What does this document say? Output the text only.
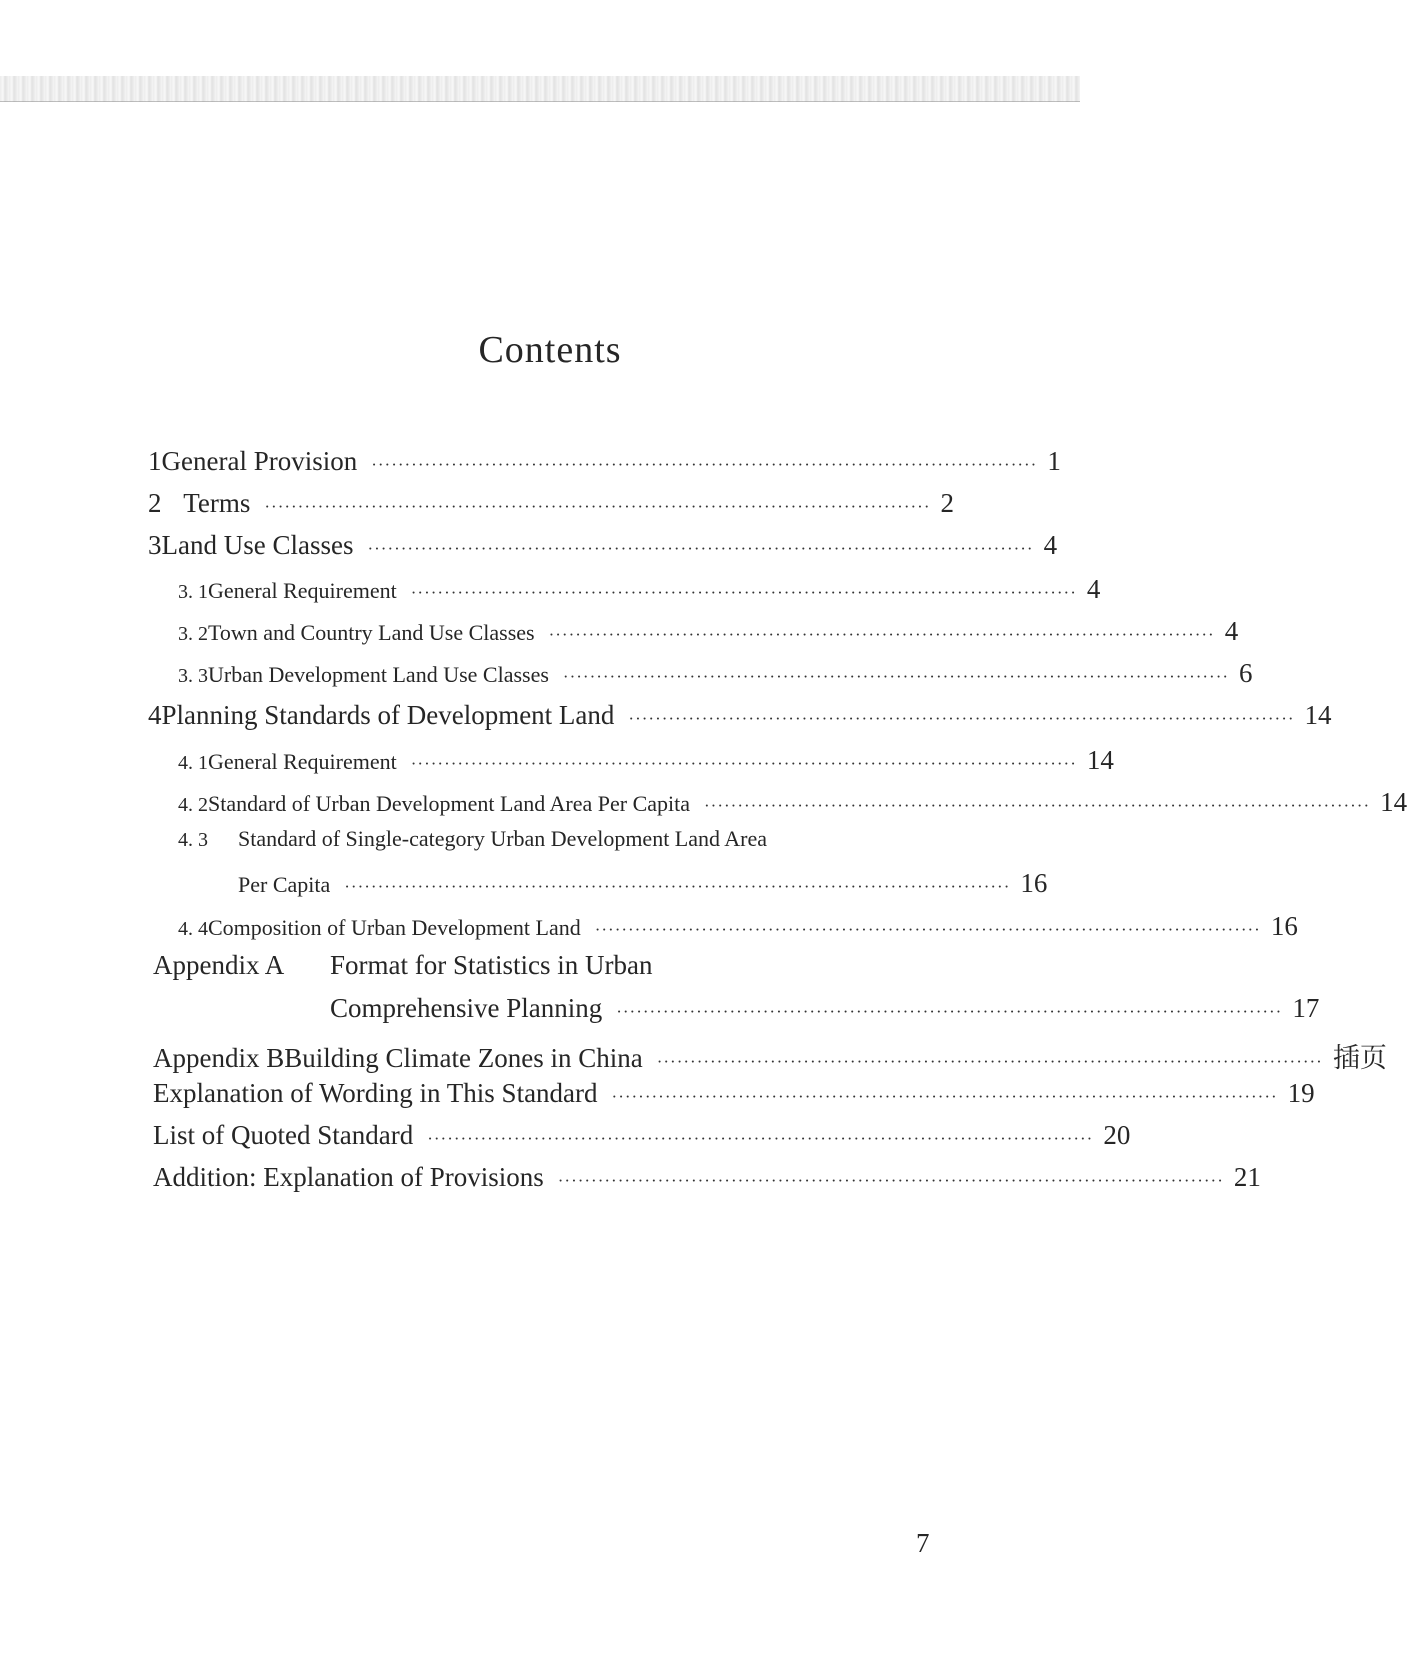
Contents
1 General Provision ···································································································· 1
2 Terms ···································································································· 2
3 Land Use Classes ···································································································· 4
3. 1 General Requirement ···································································································· 4
3. 2 Town and Country Land Use Classes ···································································································· 4
3. 3 Urban Development Land Use Classes ···································································································· 6
4 Planning Standards of Development Land ···································································································· 14
4. 1 General Requirement ···································································································· 14
4. 2 Standard of Urban Development Land Area Per Capita ···································································································· 14
4. 3 Standard of Single-category Urban Development Land Area
Per Capita ···································································································· 16
4. 4 Composition of Urban Development Land ···································································································· 16
Appendix A Format for Statistics in Urban
Comprehensive Planning ···································································································· 17
Appendix B Building Climate Zones in China ···································································································· 插页
Explanation of Wording in This Standard ···································································································· 19
List of Quoted Standard ···································································································· 20
Addition: Explanation of Provisions ···································································································· 21
7
